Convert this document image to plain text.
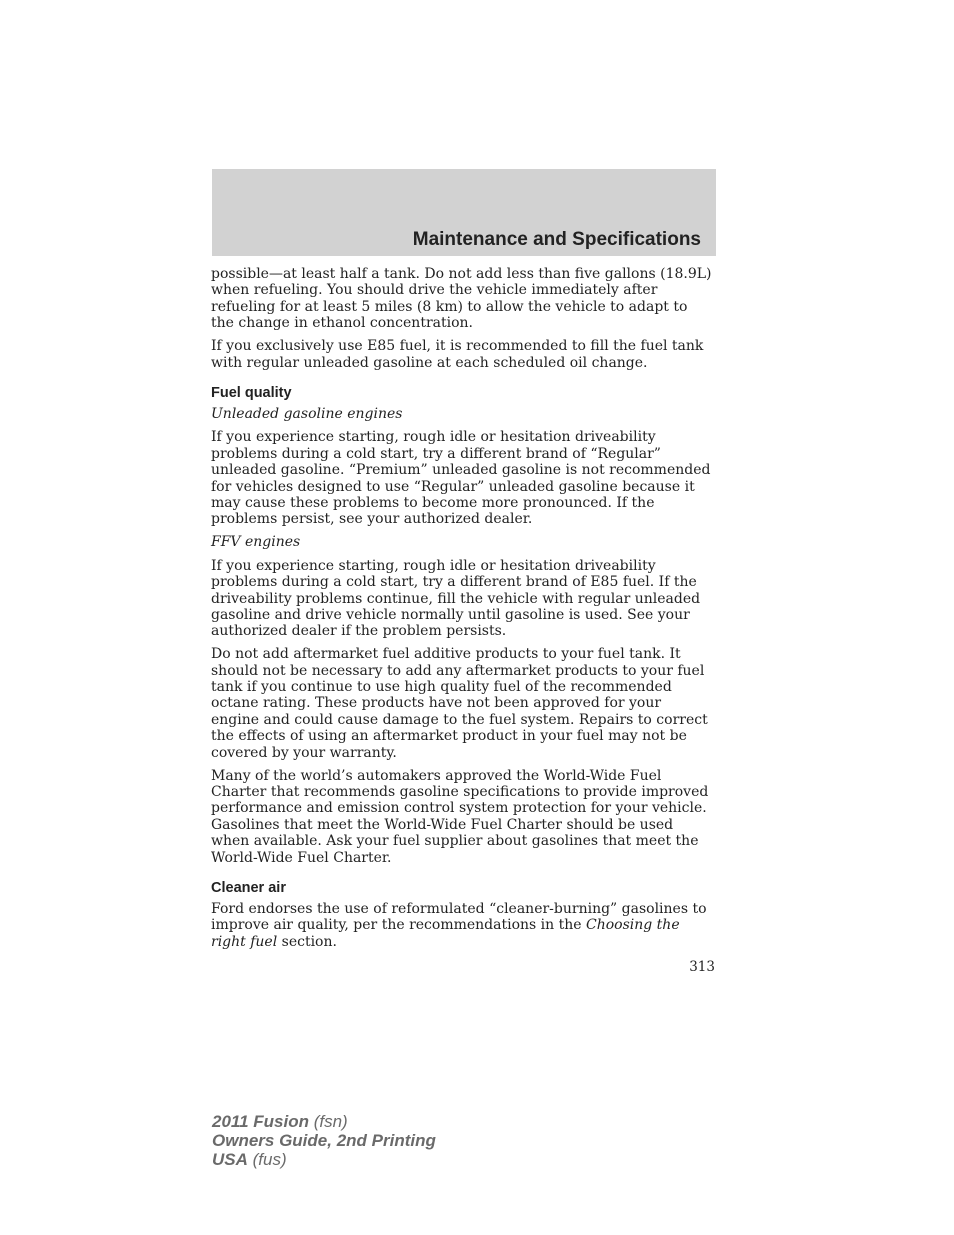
Maintenance and Specifications

possible—at least half a tank. Do not add less than five gallons (18.9L) when refueling. You should drive the vehicle immediately after refueling for at least 5 miles (8 km) to allow the vehicle to adapt to the change in ethanol concentration.

If you exclusively use E85 fuel, it is recommended to fill the fuel tank with regular unleaded gasoline at each scheduled oil change.

Fuel quality

Unleaded gasoline engines

If you experience starting, rough idle or hesitation driveability problems during a cold start, try a different brand of “Regular” unleaded gasoline. “Premium” unleaded gasoline is not recommended for vehicles designed to use “Regular” unleaded gasoline because it may cause these problems to become more pronounced. If the problems persist, see your authorized dealer.

FFV engines

If you experience starting, rough idle or hesitation driveability problems during a cold start, try a different brand of E85 fuel. If the driveability problems continue, fill the vehicle with regular unleaded gasoline and drive vehicle normally until gasoline is used. See your authorized dealer if the problem persists.

Do not add aftermarket fuel additive products to your fuel tank. It should not be necessary to add any aftermarket products to your fuel tank if you continue to use high quality fuel of the recommended octane rating. These products have not been approved for your engine and could cause damage to the fuel system. Repairs to correct the effects of using an aftermarket product in your fuel may not be covered by your warranty.

Many of the world’s automakers approved the World-Wide Fuel Charter that recommends gasoline specifications to provide improved performance and emission control system protection for your vehicle. Gasolines that meet the World-Wide Fuel Charter should be used when available. Ask your fuel supplier about gasolines that meet the World-Wide Fuel Charter.

Cleaner air

Ford endorses the use of reformulated “cleaner-burning” gasolines to improve air quality, per the recommendations in the Choosing the right fuel section.

313
2011 Fusion (fsn)
Owners Guide, 2nd Printing
USA (fus)
